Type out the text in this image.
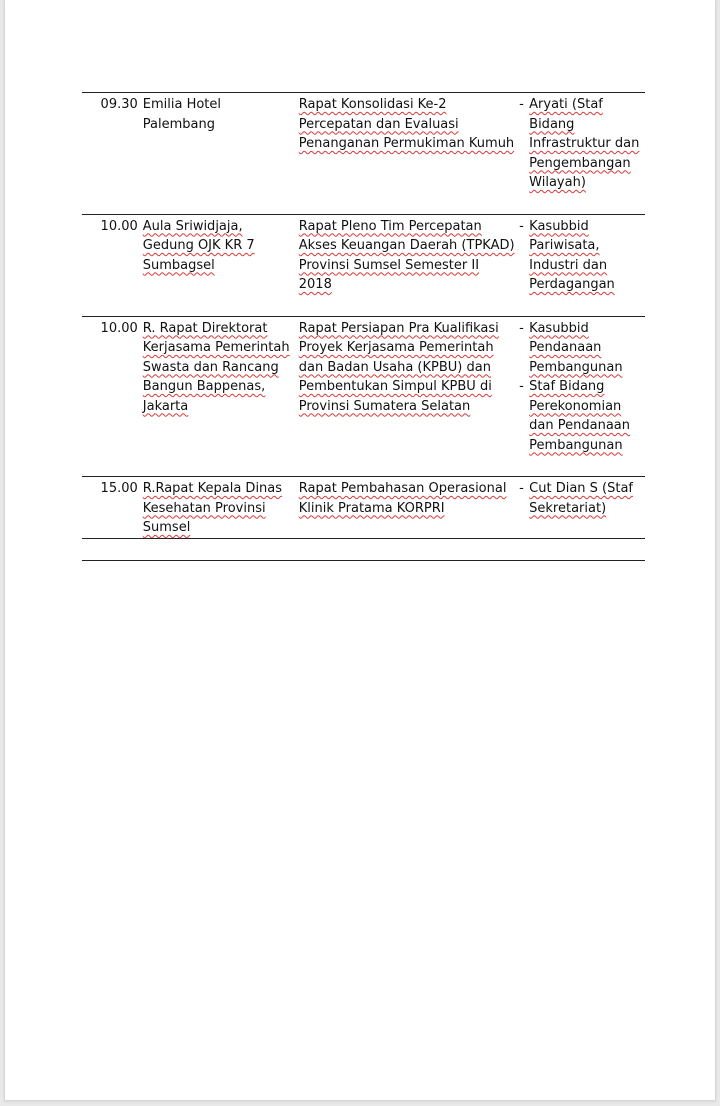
09.30	Emilia Hotel Palembang	Rapat Konsolidasi Ke-2 Percepatan dan Evaluasi Penanganan Permukiman Kumuh	- Aryati (Staf Bidang Infrastruktur dan Pengembangan Wilayah)

10.00	Aula Sriwidjaja, Gedung OJK KR 7 Sumbagsel	Rapat Pleno Tim Percepatan Akses Keuangan Daerah (TPKAD) Provinsi Sumsel Semester II 2018	- Kasubbid Pariwisata, Industri dan Perdagangan

10.00	R. Rapat Direktorat Kerjasama Pemerintah Swasta dan Rancang Bangun Bappenas, Jakarta	Rapat Persiapan Pra Kualifikasi Proyek Kerjasama Pemerintah dan Badan Usaha (KPBU) dan Pembentukan Simpul KPBU di Provinsi Sumatera Selatan	- Kasubbid Pendanaan Pembangunan
- Staf Bidang Perekonomian dan Pendanaan Pembangunan

15.00	R.Rapat Kepala Dinas Kesehatan Provinsi Sumsel	Rapat Pembahasan Operasional Klinik Pratama KORPRI	- Cut Dian S (Staf Sekretariat)
